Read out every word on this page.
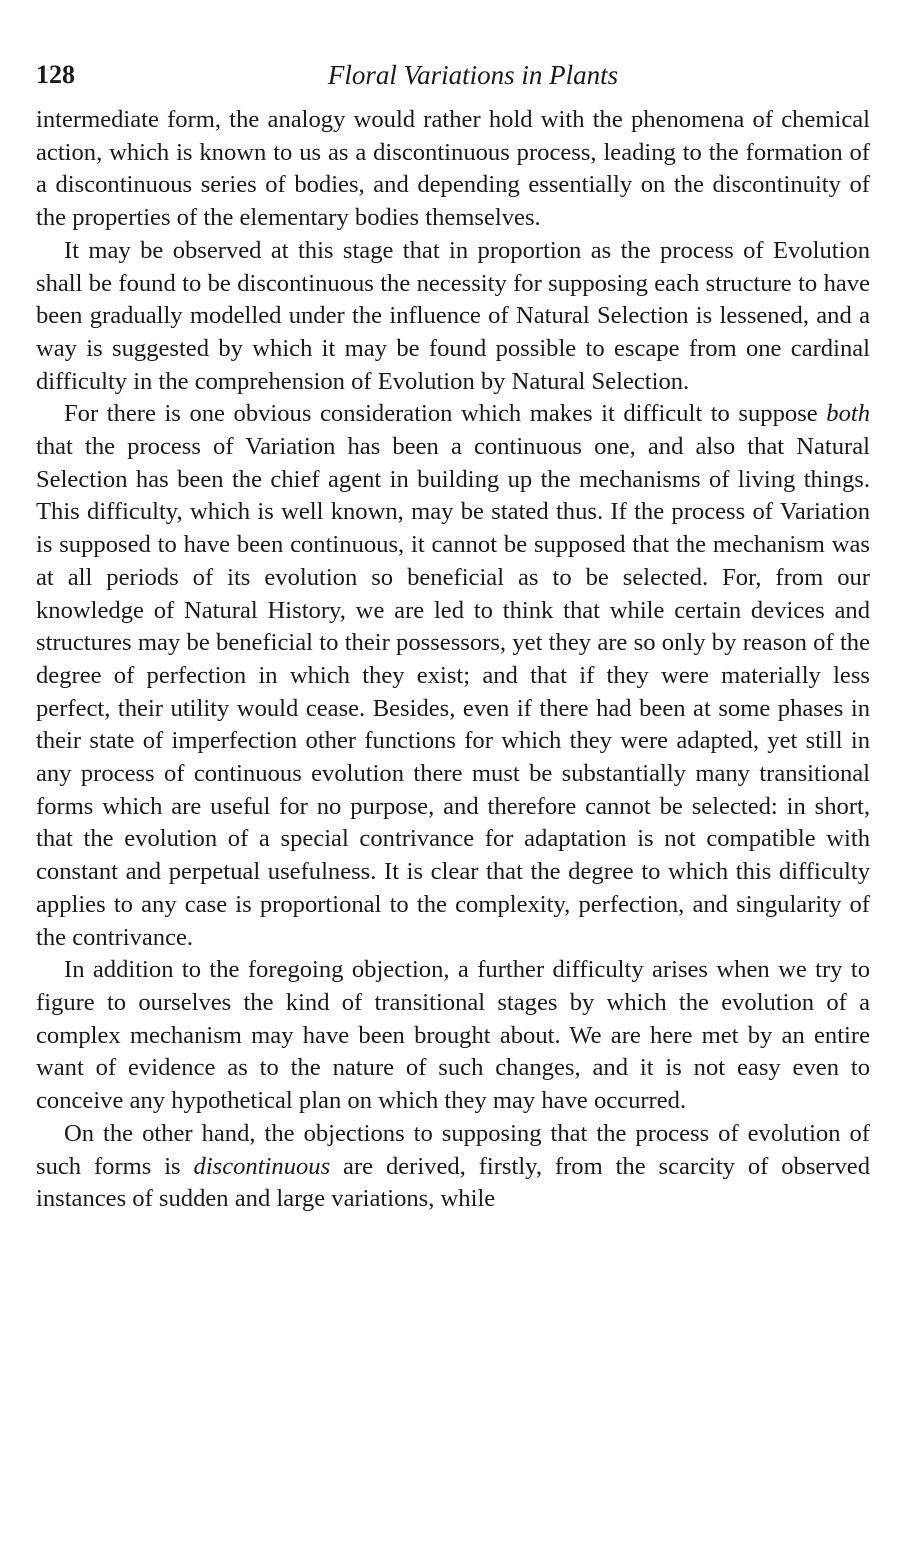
128	Floral Variations in Plants

intermediate form, the analogy would rather hold with the phenomena of chemical action, which is known to us as a discontinuous process, leading to the formation of a discontinuous series of bodies, and depending essentially on the discontinuity of the properties of the elementary bodies themselves.

It may be observed at this stage that in proportion as the process of Evolution shall be found to be discontinuous the necessity for supposing each structure to have been gradually modelled under the influence of Natural Selection is lessened, and a way is suggested by which it may be found possible to escape from one cardinal difficulty in the comprehension of Evolution by Natural Selection.

For there is one obvious consideration which makes it difficult to suppose both that the process of Variation has been a continuous one, and also that Natural Selection has been the chief agent in building up the mechanisms of living things. This difficulty, which is well known, may be stated thus. If the process of Variation is supposed to have been continuous, it cannot be supposed that the mechanism was at all periods of its evolution so beneficial as to be selected. For, from our knowledge of Natural History, we are led to think that while certain devices and structures may be beneficial to their possessors, yet they are so only by reason of the degree of perfection in which they exist; and that if they were materially less perfect, their utility would cease. Besides, even if there had been at some phases in their state of imperfection other functions for which they were adapted, yet still in any process of continuous evolution there must be substantially many transitional forms which are useful for no purpose, and therefore cannot be selected: in short, that the evolution of a special contrivance for adaptation is not compatible with constant and perpetual usefulness. It is clear that the degree to which this difficulty applies to any case is proportional to the complexity, perfection, and singularity of the contrivance.

In addition to the foregoing objection, a further difficulty arises when we try to figure to ourselves the kind of transitional stages by which the evolution of a complex mechanism may have been brought about. We are here met by an entire want of evidence as to the nature of such changes, and it is not easy even to conceive any hypothetical plan on which they may have occurred.

On the other hand, the objections to supposing that the process of evolution of such forms is discontinuous are derived, firstly, from the scarcity of observed instances of sudden and large variations, while
